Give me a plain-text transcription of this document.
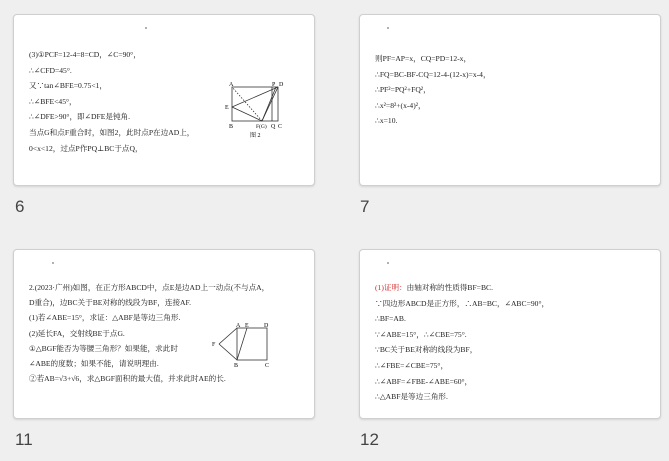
(3)①PCF=12-4=8=CD，∠C=90°，
∴∠CFD=45°.
又∵tan∠BFE=0.75<1，
∴∠BFE<45°，
∴∠DFE>90°，即∠DFE是钝角.
当点G和点F重合时，如图2，此时点P在边AD上，
0<x<12，过点P作PQ⊥BC于点Q，
A	P D
E
B	F(G) Q C
图 2
6
则PF=AP=x，CQ=PD=12-x，
∴FQ=BC-BF-CQ=12-4-(12-x)=x-4，
∴PF²=PQ²+FQ²，
∴x²=8²+(x-4)²，
∴x=10.
7
2.(2023·广州)如图，在正方形ABCD中，点E是边AD上一动点(不与点A，
D重合)，边BC关于BE对称的线段为BF，连接AF.
(1)若∠ABE=15°，求证：△ABF是等边三角形.
(2)延长FA，交射线BE于点G.
①△BGF能否为等腰三角形？如果能，求此时
∠ABE的度数；如果不能，请说明理由.
②若AB=√3+√6，求△BGF面积的最大值，并求此时AE的长.
A E	D
F
B	C
11
(1)证明：由轴对称的性质得BF=BC.
∵四边形ABCD是正方形，∴AB=BC，∠ABC=90°，
∴BF=AB.
∵∠ABE=15°，∴∠CBE=75°.
∵BC关于BE对称的线段为BF，
∴∠FBE=∠CBE=75°，
∴∠ABF=∠FBE-∠ABE=60°，
∴△ABF是等边三角形.
12
